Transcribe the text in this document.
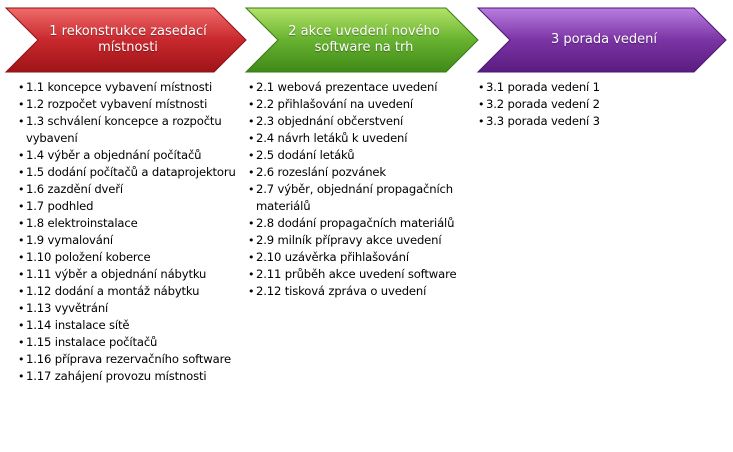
1 rekonstrukce zasedací místnosti
2 akce uvedení nového software na trh
3 porada vedení
• 1.1 koncepce vybavení místnosti
• 1.2 rozpočet vybavení místnosti
• 1.3 schválení koncepce a rozpočtu vybavení
• 1.4 výběr a objednání počítačů
• 1.5 dodání počítačů a dataprojektoru
• 1.6 zazdění dveří
• 1.7 podhled
• 1.8 elektroinstalace
• 1.9 vymalování
• 1.10 položení koberce
• 1.11 výběr a objednání nábytku
• 1.12 dodání a montáž nábytku
• 1.13 vyvětrání
• 1.14 instalace sítě
• 1.15 instalace počítačů
• 1.16 příprava rezervačního software
• 1.17 zahájení provozu místnosti
• 2.1 webová prezentace uvedení
• 2.2 přihlašování na uvedení
• 2.3 objednání občerstvení
• 2.4 návrh letáků k uvedení
• 2.5 dodání letáků
• 2.6 rozeslání pozvánek
• 2.7 výběr, objednání propagačních materiálů
• 2.8 dodání propagačních materiálů
• 2.9 milník přípravy akce uvedení
• 2.10 uzávěrka přihlašování
• 2.11 průběh akce uvedení software
• 2.12 tisková zpráva o uvedení
• 3.1 porada vedení 1
• 3.2 porada vedení 2
• 3.3 porada vedení 3
